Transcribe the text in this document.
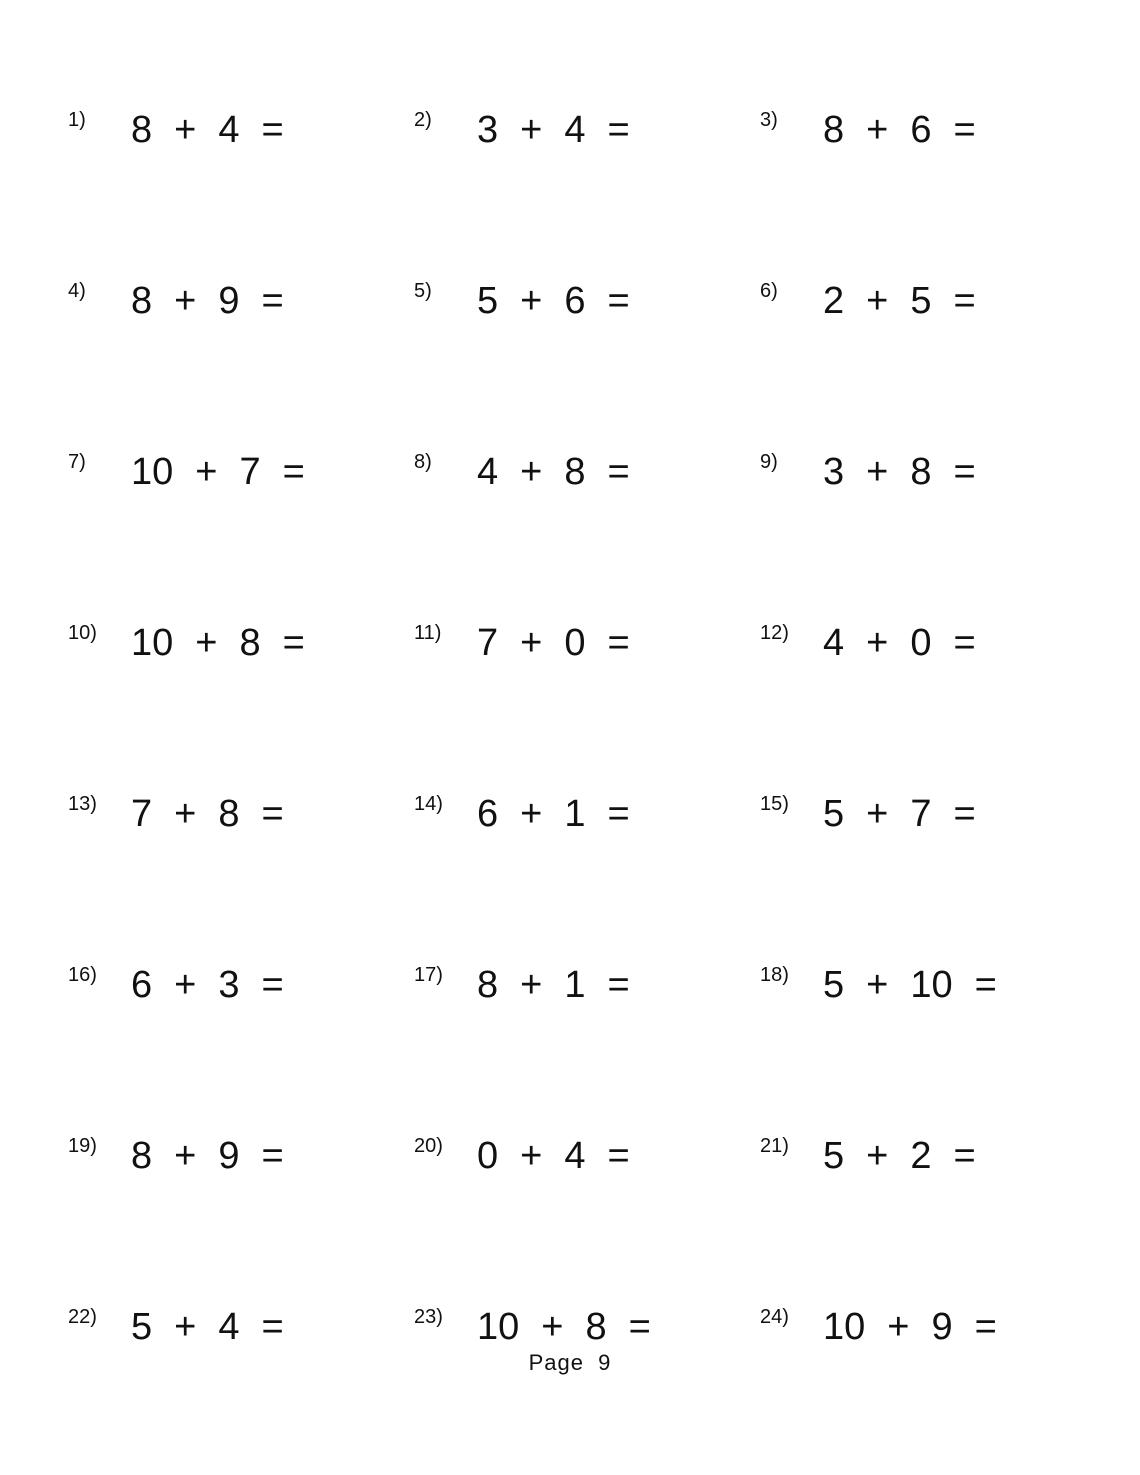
1) 8 + 4 =	2) 3 + 4 =	3) 8 + 6 =
4) 8 + 9 =	5) 5 + 6 =	6) 2 + 5 =
7) 10 + 7 =	8) 4 + 8 =	9) 3 + 8 =
10) 10 + 8 =	11) 7 + 0 =	12) 4 + 0 =
13) 7 + 8 =	14) 6 + 1 =	15) 5 + 7 =
16) 6 + 3 =	17) 8 + 1 =	18) 5 + 10 =
19) 8 + 9 =	20) 0 + 4 =	21) 5 + 2 =
22) 5 + 4 =	23) 10 + 8 =	24) 10 + 9 =
Page  9
